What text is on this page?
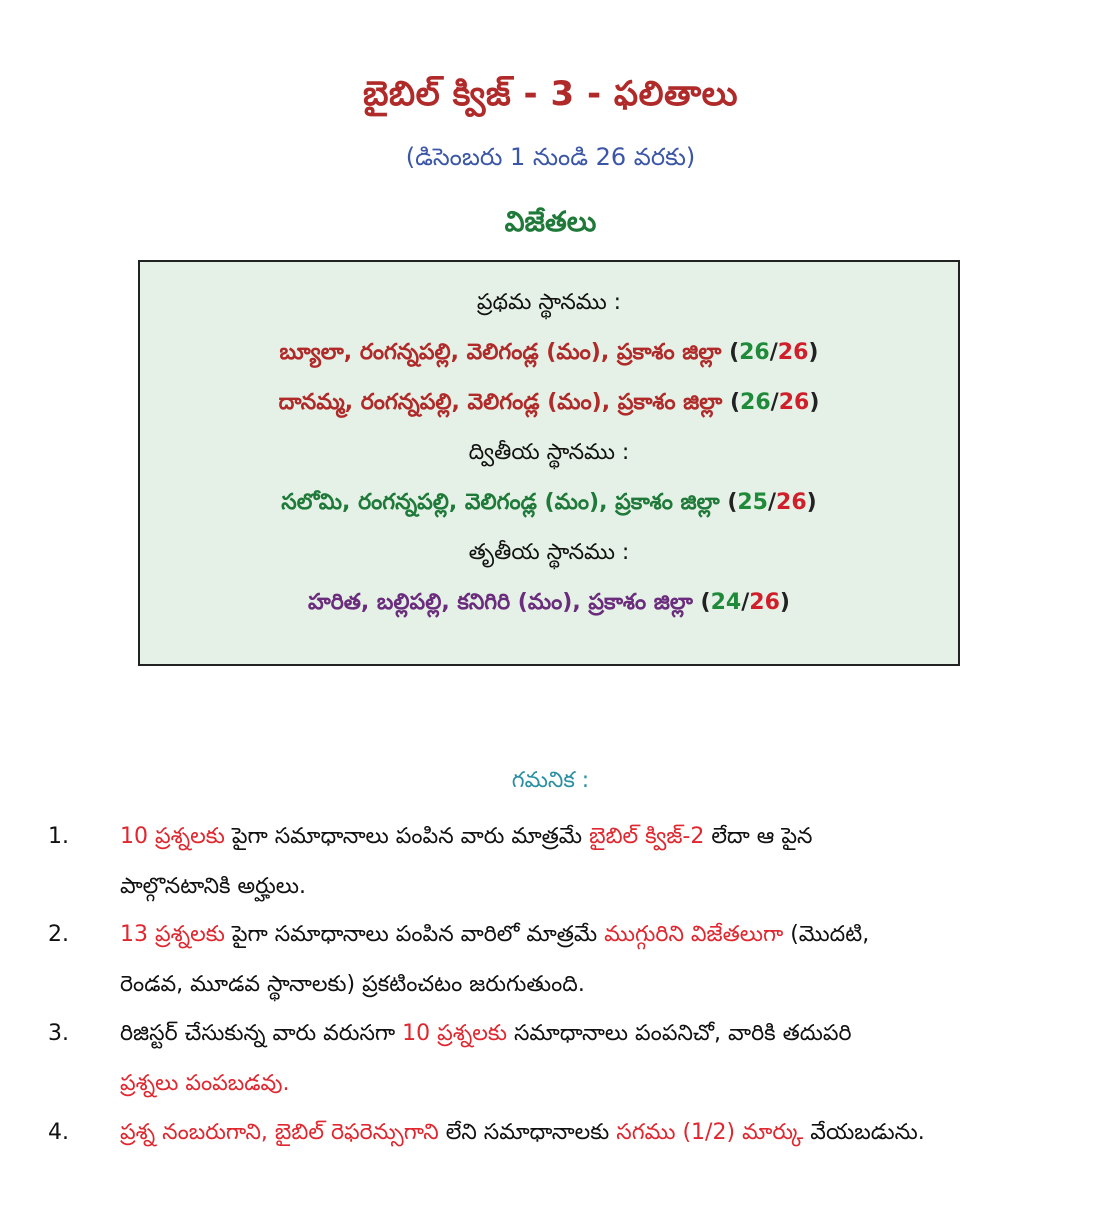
బైబిల్ క్విజ్ - 3 - ఫలితాలు
(డిసెంబరు 1 నుండి 26 వరకు)
విజేతలు
ప్రథమ స్థానము :
బ్యూలా, రంగన్నపల్లి, వెలిగండ్ల (మం), ప్రకాశం జిల్లా (26/26)
దానమ్మ, రంగన్నపల్లి, వెలిగండ్ల (మం), ప్రకాశం జిల్లా (26/26)
ద్వితీయ స్థానము :
సలోమి, రంగన్నపల్లి, వెలిగండ్ల (మం), ప్రకాశం జిల్లా (25/26)
తృతీయ స్థానము :
హరిత, బల్లిపల్లి, కనిగిరి (మం), ప్రకాశం జిల్లా (24/26)
గమనిక :
1. 10 ప్రశ్నలకు పైగా సమాధానాలు పంపిన వారు మాత్రమే బైబిల్ క్విజ్-2 లేదా ఆ పైన
పాల్గొనటానికి అర్హులు.
2. 13 ప్రశ్నలకు పైగా సమాధానాలు పంపిన వారిలో మాత్రమే ముగ్గురిని విజేతలుగా (మొదటి,
రెండవ, మూడవ స్థానాలకు) ప్రకటించటం జరుగుతుంది.
3. రిజిస్టర్ చేసుకున్న వారు వరుసగా 10 ప్రశ్నలకు సమాధానాలు పంపనిచో, వారికి తదుపరి
ప్రశ్నలు పంపబడవు.
4. ప్రశ్న నంబరుగాని, బైబిల్ రెఫరెన్సుగాని లేని సమాధానాలకు సగము (1/2) మార్కు వేయబడును.
